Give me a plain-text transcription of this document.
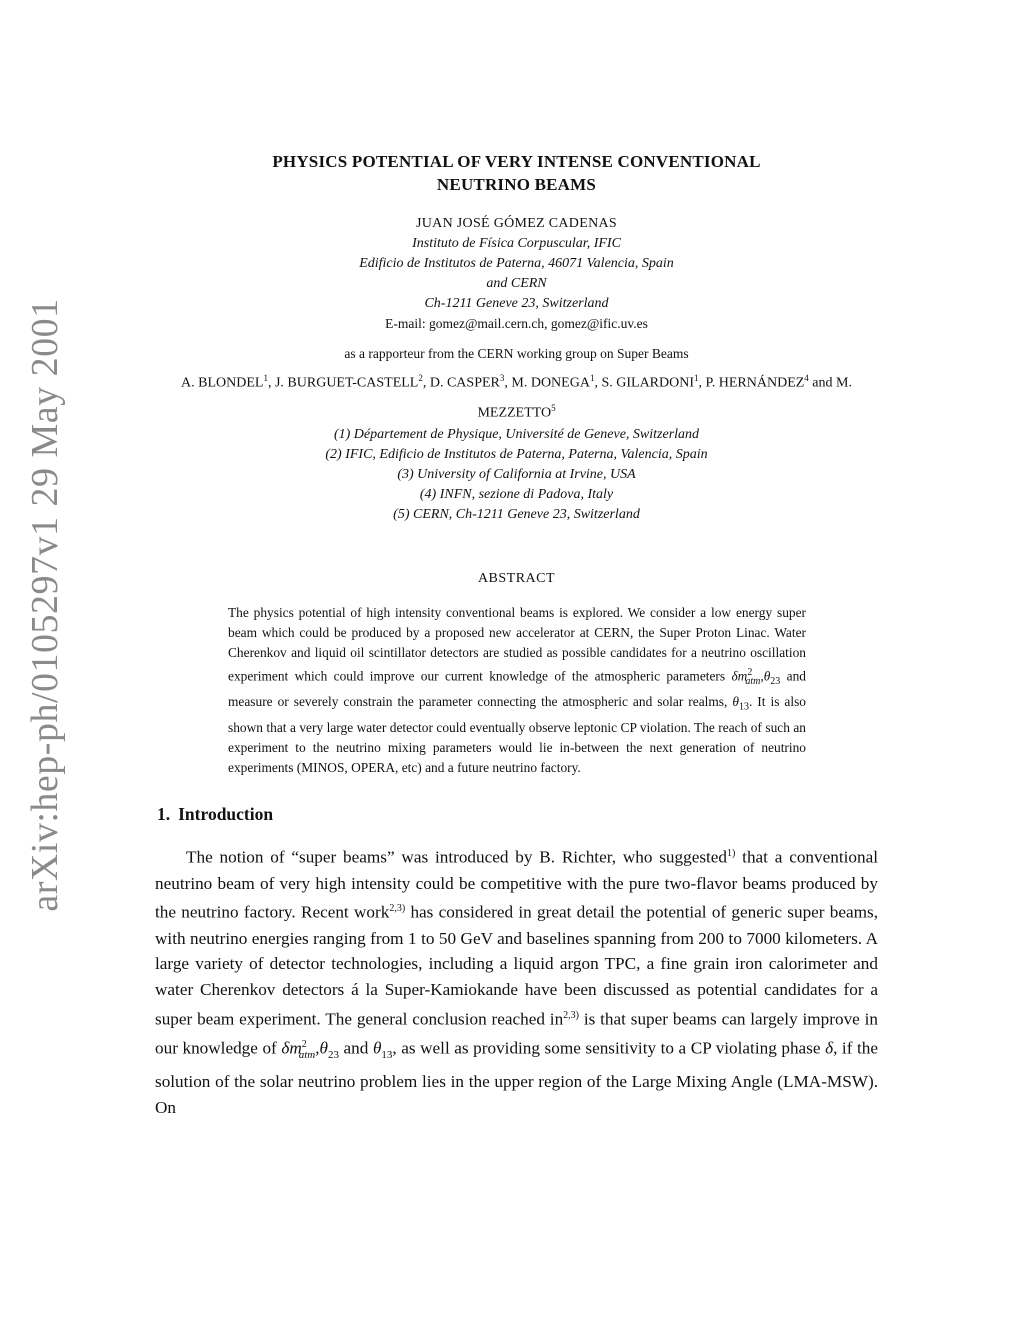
arXiv:hep-ph/0105297v1 29 May 2001
PHYSICS POTENTIAL OF VERY INTENSE CONVENTIONAL
NEUTRINO BEAMS
JUAN JOSÉ GÓMEZ CADENAS
Instituto de Física Corpuscular, IFIC
Edificio de Institutos de Paterna, 46071 Valencia, Spain
and CERN
Ch-1211 Geneve 23, Switzerland
E-mail: gomez@mail.cern.ch, gomez@ific.uv.es
as a rapporteur from the CERN working group on Super Beams
A. BLONDEL$^1$, J. BURGUET-CASTELL$^2$, D. CASPER$^3$, M. DONEGA$^1$, S. GILARDONI$^1$, P. HERNÁNDEZ$^4$ and M. MEZZETTO$^5$
(1) Département de Physique, Université de Geneve, Switzerland
(2) IFIC, Edificio de Institutos de Paterna, Paterna, Valencia, Spain
(3) University of California at Irvine, USA
(4) INFN, sezione di Padova, Italy
(5) CERN, Ch-1211 Geneve 23, Switzerland
ABSTRACT
The physics potential of high intensity conventional beams is explored. We consider a low energy super beam which could be produced by a proposed new accelerator at CERN, the Super Proton Linac. Water Cherenkov and liquid oil scintillator detectors are studied as possible candidates for a neutrino oscillation experiment which could improve our current knowledge of the atmospheric parameters $\delta m^2_{atm},\theta_{23}$ and measure or severely constrain the parameter connecting the atmospheric and solar realms, $\theta_{13}$. It is also shown that a very large water detector could eventually observe leptonic CP violation. The reach of such an experiment to the neutrino mixing parameters would lie in-between the next generation of neutrino experiments (MINOS, OPERA, etc) and a future neutrino factory.
1. Introduction
The notion of “super beams” was introduced by B. Richter, who suggested$^{1)}$ that a conventional neutrino beam of very high intensity could be competitive with the pure two-flavor beams produced by the neutrino factory. Recent work$^{2,3)}$ has considered in great detail the potential of generic super beams, with neutrino energies ranging from 1 to 50 GeV and baselines spanning from 200 to 7000 kilometers. A large variety of detector technologies, including a liquid argon TPC, a fine grain iron calorimeter and water Cherenkov detectors á la Super-Kamiokande have been discussed as potential candidates for a super beam experiment. The general conclusion reached in$^{2,3)}$ is that super beams can largely improve in our knowledge of $\delta m^2_{atm},\theta_{23}$ and $\theta_{13}$, as well as providing some sensitivity to a CP violating phase δ, if the solution of the solar neutrino problem lies in the upper region of the Large Mixing Angle (LMA-MSW). On
